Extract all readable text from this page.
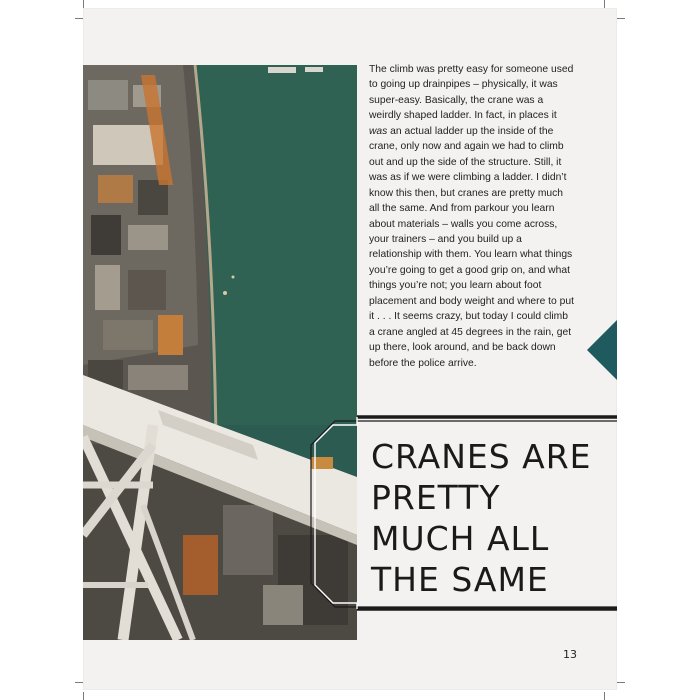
The climb was pretty easy for someone used to going up drainpipes – physically, it was super-easy. Basically, the crane was a weirdly shaped ladder. In fact, in places it was an actual ladder up the inside of the crane, only now and again we had to climb out and up the side of the structure. Still, it was as if we were climbing a ladder. I didn’t know this then, but cranes are pretty much all the same. And from parkour you learn about materials – walls you come across, your trainers – and you build up a relationship with them. You learn what things you’re going to get a good grip on, and what things you’re not; you learn about foot placement and body weight and where to put it . . . It seems crazy, but today I could climb a crane angled at 45 degrees in the rain, get up there, look around, and be back down before the police arrive.

CRANES ARE
PRETTY
MUCH ALL
THE SAME
13
